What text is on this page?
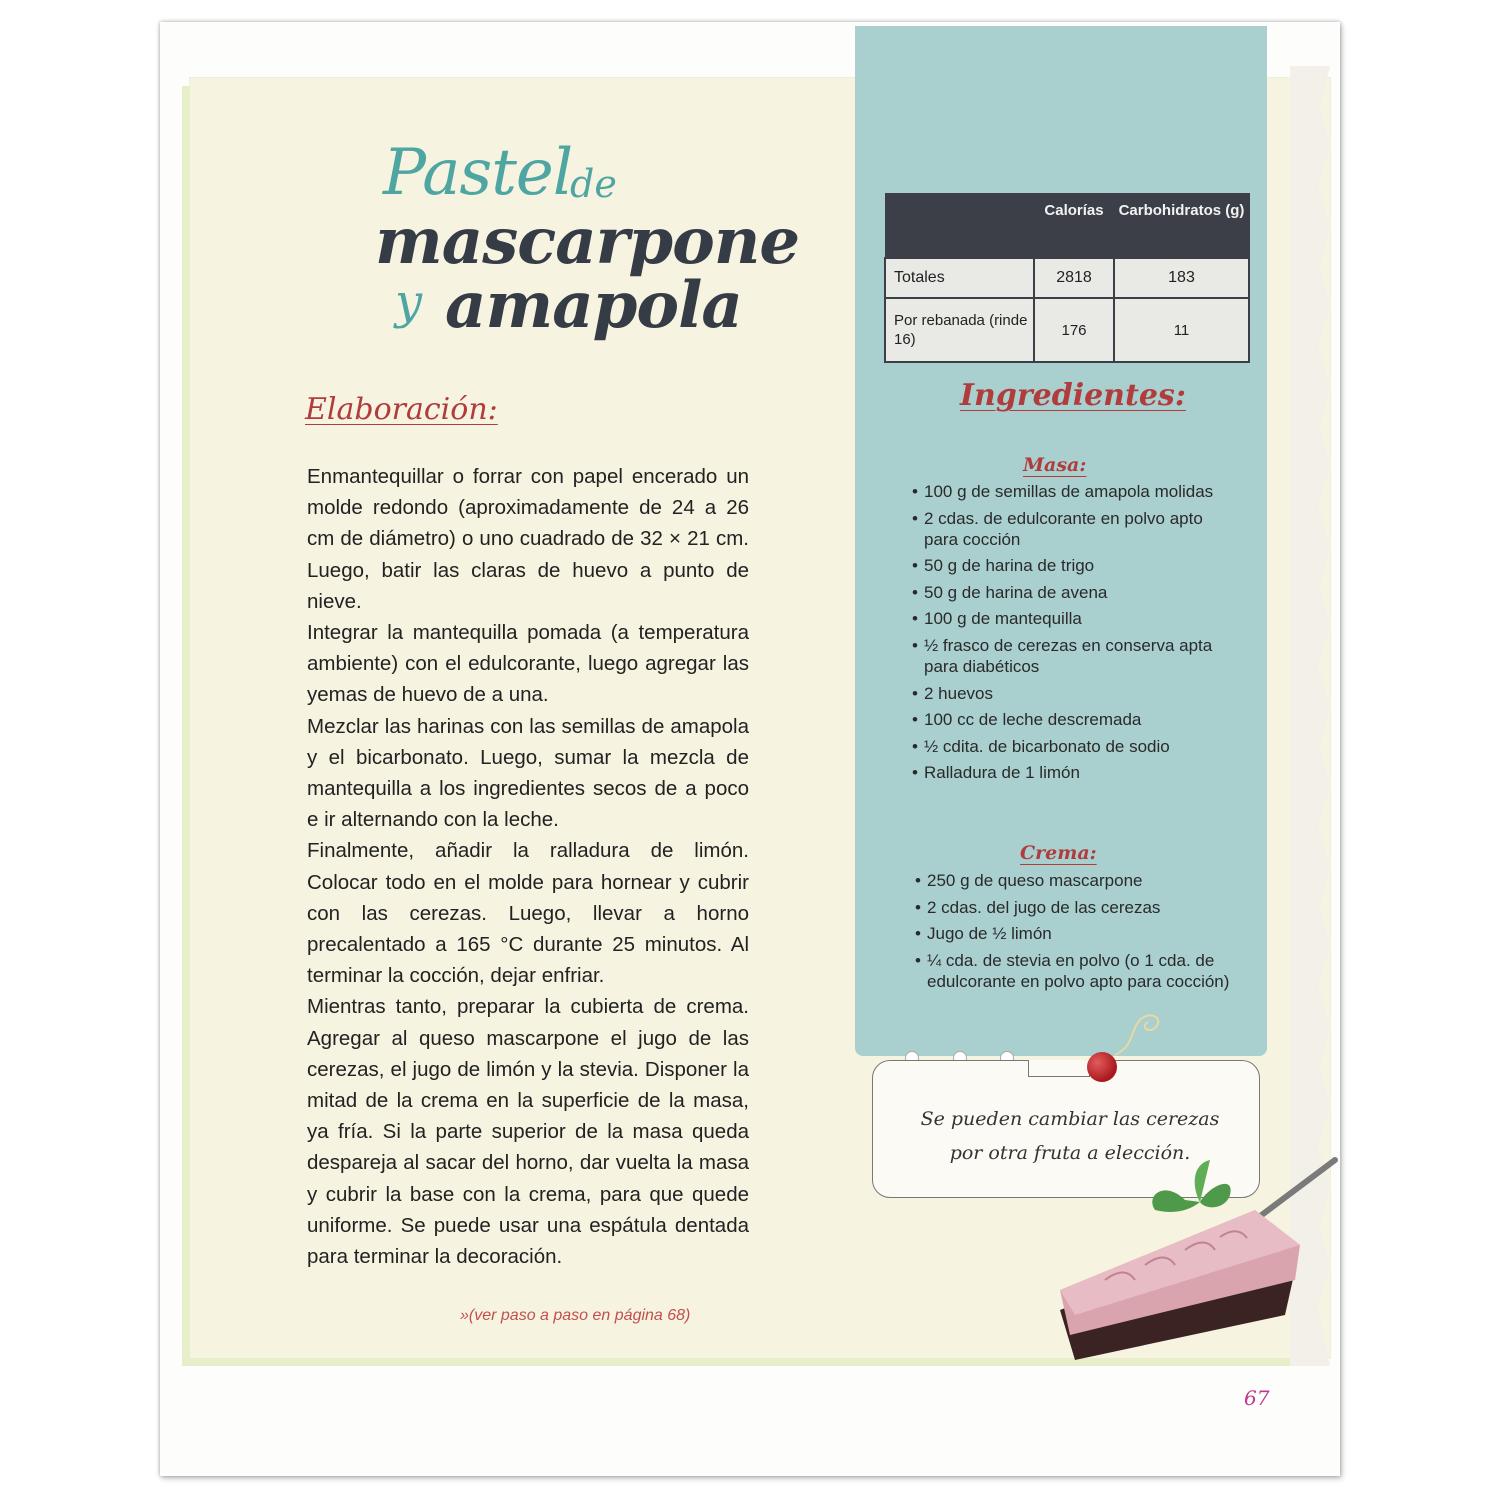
Pastel
de
mascarpone
y amapola
Elaboración:

Enmantequillar o forrar con papel encerado un molde redondo (aproximadamente de 24 a 26 cm de diámetro) o uno cuadrado de 32 × 21 cm. Luego, batir las claras de huevo a punto de nieve.

Integrar la mantequilla pomada (a temperatura ambiente) con el edulcorante, luego agregar las yemas de huevo de a una.

Mezclar las harinas con las semillas de amapola y el bicarbonato. Luego, sumar la mezcla de mantequilla a los ingredientes secos de a poco e ir alternando con la leche.

Finalmente, añadir la ralladura de limón. Colocar todo en el molde para hornear y cubrir con las cerezas. Luego, llevar a horno precalentado a 165 °C durante 25 minutos. Al terminar la cocción, dejar enfriar.

Mientras tanto, preparar la cubierta de crema. Agregar al queso mascarpone el jugo de las cerezas, el jugo de limón y la stevia. Disponer la mitad de la crema en la superficie de la masa, ya fría. Si la parte superior de la masa queda despareja al sacar del horno, dar vuelta la masa y cubrir la base con la crema, para que quede uniforme. Se puede usar una espátula dentada para terminar la decoración.

»(ver paso a paso en página 68)
	Calorías	Carbohidratos (g)
Totales	2818	183
Por rebanada (rinde 16)	176	11
Ingredientes:
Masa:
• 100 g de semillas de amapola molidas
• 2 cdas. de edulcorante en polvo apto para cocción
• 50 g de harina de trigo
• 50 g de harina de avena
• 100 g de mantequilla
• ½ frasco de cerezas en conserva apta para diabéticos
• 2 huevos
• 100 cc de leche descremada
• ½ cdita. de bicarbonato de sodio
• Ralladura de 1 limón
Crema:
• 250 g de queso mascarpone
• 2 cdas. del jugo de las cerezas
• Jugo de ½ limón
• ¼ cda. de stevia en polvo (o 1 cda. de edulcorante en polvo apto para cocción)
Se pueden cambiar las cerezas
por otra fruta a elección.
67
